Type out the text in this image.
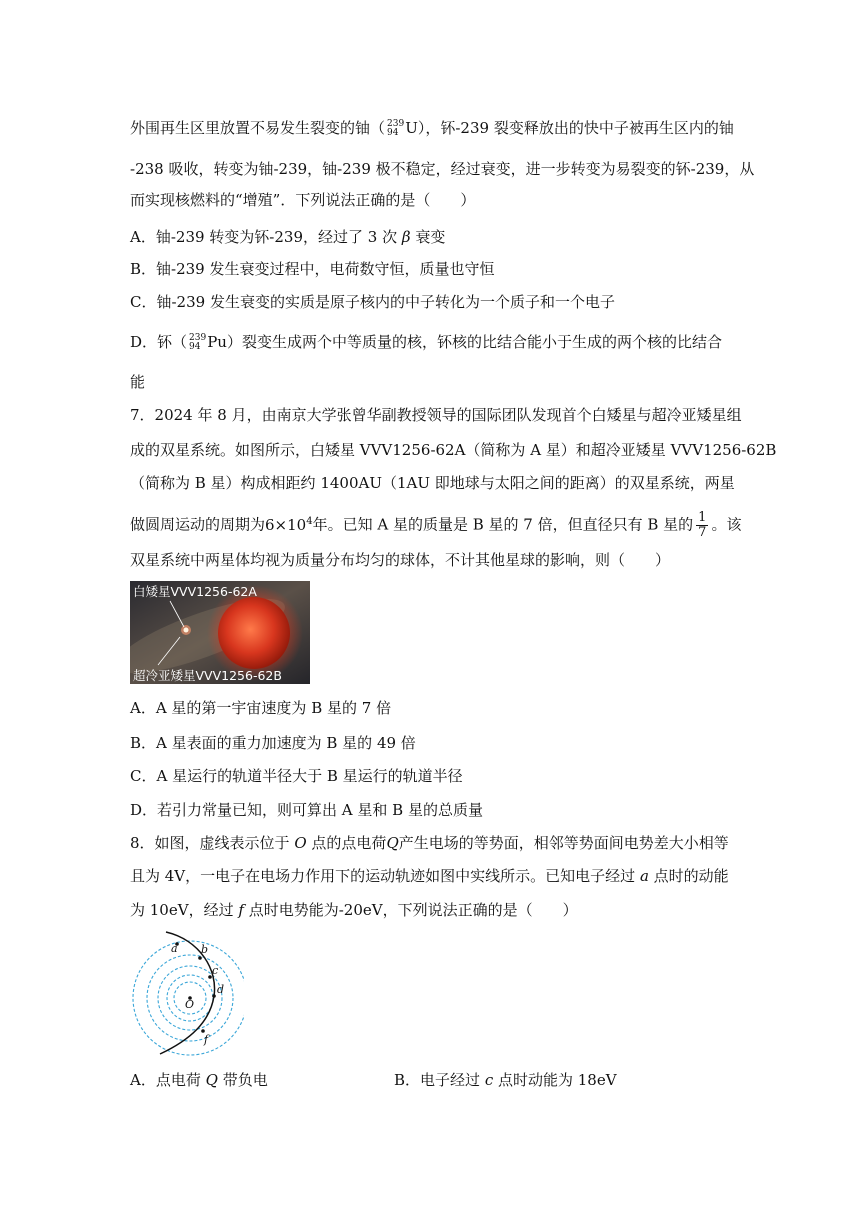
外围再生区里放置不易发生裂变的铀（ 239
94 U），钚-239 裂变释放出的快中子被再生区内的铀
-238 吸收，转变为铀-239，铀-239 极不稳定，经过衰变，进一步转变为易裂变的钚-239，从
而实现核燃料的“增殖”．下列说法正确的是（　　）
A．铀-239 转变为钚-239，经过了 3 次 β 衰变
B．铀-239 发生衰变过程中，电荷数守恒，质量也守恒
C．铀-239 发生衰变的实质是原子核内的中子转化为一个质子和一个电子
D．钚（ 239
94 Pu）裂变生成两个中等质量的核，钚核的比结合能小于生成的两个核的比结合
能
7．2024 年 8 月，由南京大学张曾华副教授领导的国际团队发现首个白矮星与超冷亚矮星组
成的双星系统。如图所示，白矮星 VVV1256-62A（简称为 A 星）和超冷亚矮星 VVV1256-62B
（简称为 B 星）构成相距约 1400AU（1AU 即地球与太阳之间的距离）的双星系统，两星
做圆周运动的周期为$6\times 10^4$年。已知 A 星的质量是 B 星的 7 倍，但直径只有 B 星的 $\frac{1}{7}$ 。该
双星系统中两星体均视为质量分布均匀的球体，不计其他星球的影响，则（　　）
白矮星VVV1256-62A
超冷亚矮星VVV1256-62B
A．A 星的第一宇宙速度为 B 星的 7 倍
B．A 星表面的重力加速度为 B 星的 49 倍
C．A 星运行的轨道半径大于 B 星运行的轨道半径
D．若引力常量已知，则可算出 A 星和 B 星的总质量
8．如图，虚线表示位于 O 点的点电荷Q产生电场的等势面，相邻等势面间电势差大小相等
且为 4V，一电子在电场力作用下的运动轨迹如图中实线所示。已知电子经过 a 点时的动能
为 10eV，经过 f 点时电势能为-20eV，下列说法正确的是（　　）
a b
c
d
f
O
A．点电荷 Q 带负电	B．电子经过 c 点时动能为 18eV
